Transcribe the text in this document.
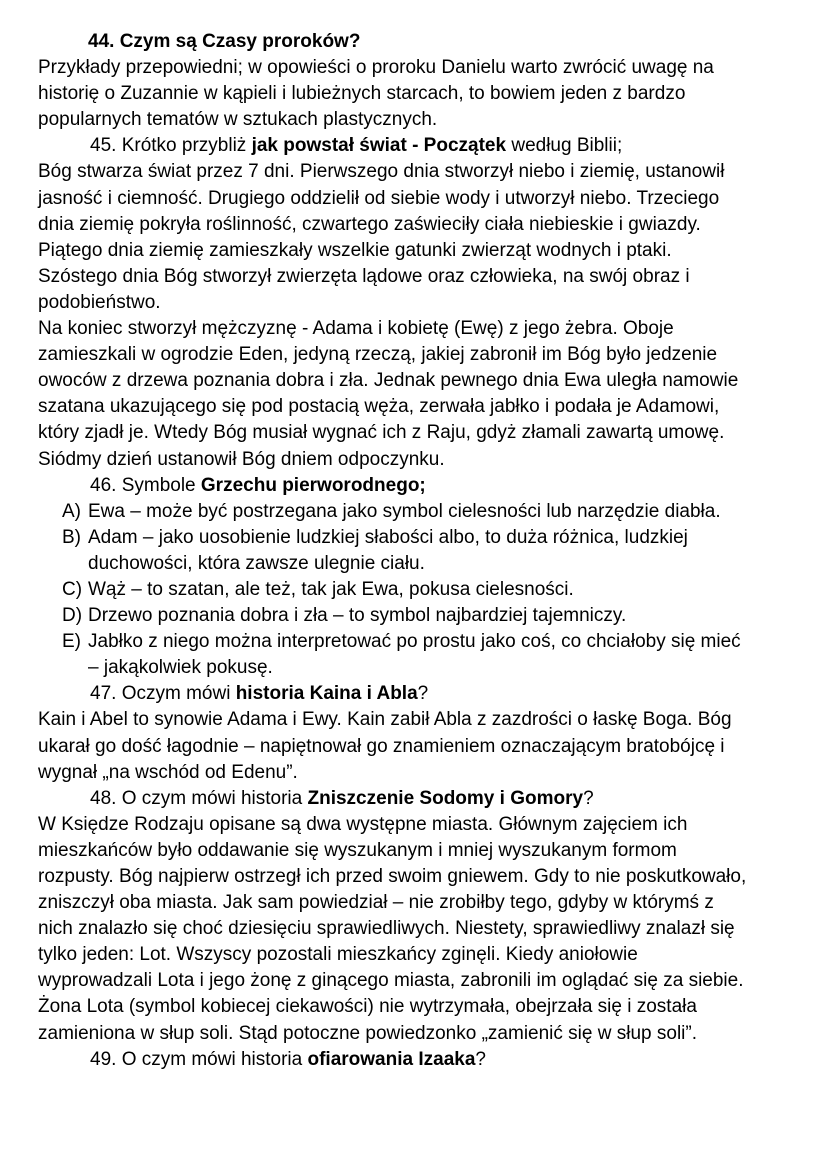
44. Czym są Czasy proroków?
Przykłady przepowiedni; w opowieści o proroku Danielu warto zwrócić uwagę na
historię o Zuzannie w kąpieli i lubieżnych starcach, to bowiem jeden z bardzo
popularnych tematów w sztukach plastycznych.
45. Krótko przybliż jak powstał świat - Początek według Biblii;
Bóg stwarza świat przez 7 dni. Pierwszego dnia stworzył niebo i ziemię, ustanowił
jasność i ciemność. Drugiego oddzielił od siebie wody i utworzył niebo. Trzeciego
dnia ziemię pokryła roślinność, czwartego zaświeciły ciała niebieskie i gwiazdy.
Piątego dnia ziemię zamieszkały wszelkie gatunki zwierząt wodnych i ptaki.
Szóstego dnia Bóg stworzył zwierzęta lądowe oraz człowieka, na swój obraz i
podobieństwo.
Na koniec stworzył mężczyznę - Adama i kobietę (Ewę) z jego żebra. Oboje
zamieszkali w ogrodzie Eden, jedyną rzeczą, jakiej zabronił im Bóg było jedzenie
owoców z drzewa poznania dobra i zła. Jednak pewnego dnia Ewa uległa namowie
szatana ukazującego się pod postacią węża, zerwała jabłko i podała je Adamowi,
który zjadł je. Wtedy Bóg musiał wygnać ich z Raju, gdyż złamali zawartą umowę.
Siódmy dzień ustanowił Bóg dniem odpoczynku.
46. Symbole Grzechu pierworodnego;
A) Ewa – może być postrzegana jako symbol cielesności lub narzędzie diabła.
B) Adam – jako uosobienie ludzkiej słabości albo, to duża różnica, ludzkiej
duchowości, która zawsze ulegnie ciału.
C) Wąż – to szatan, ale też, tak jak Ewa, pokusa cielesności.
D) Drzewo poznania dobra i zła – to symbol najbardziej tajemniczy.
E) Jabłko z niego można interpretować po prostu jako coś, co chciałoby się mieć
– jakąkolwiek pokusę.
47. Oczym mówi historia Kaina i Abla?
Kain i Abel to synowie Adama i Ewy. Kain zabił Abla z zazdrości o łaskę Boga. Bóg
ukarał go dość łagodnie – napiętnował go znamieniem oznaczającym bratobójcę i
wygnał „na wschód od Edenu”.
48. O czym mówi historia Zniszczenie Sodomy i Gomory?
W Księdze Rodzaju opisane są dwa występne miasta. Głównym zajęciem ich
mieszkańców było oddawanie się wyszukanym i mniej wyszukanym formom
rozpusty. Bóg najpierw ostrzegł ich przed swoim gniewem. Gdy to nie poskutkowało,
zniszczył oba miasta. Jak sam powiedział – nie zrobiłby tego, gdyby w którymś z
nich znalazło się choć dziesięciu sprawiedliwych. Niestety, sprawiedliwy znalazł się
tylko jeden: Lot. Wszyscy pozostali mieszkańcy zginęli. Kiedy aniołowie
wyprowadzali Lota i jego żonę z ginącego miasta, zabronili im oglądać się za siebie.
Żona Lota (symbol kobiecej ciekawości) nie wytrzymała, obejrzała się i została
zamieniona w słup soli. Stąd potoczne powiedzonko „zamienić się w słup soli”.
49. O czym mówi historia ofiarowania Izaaka?
